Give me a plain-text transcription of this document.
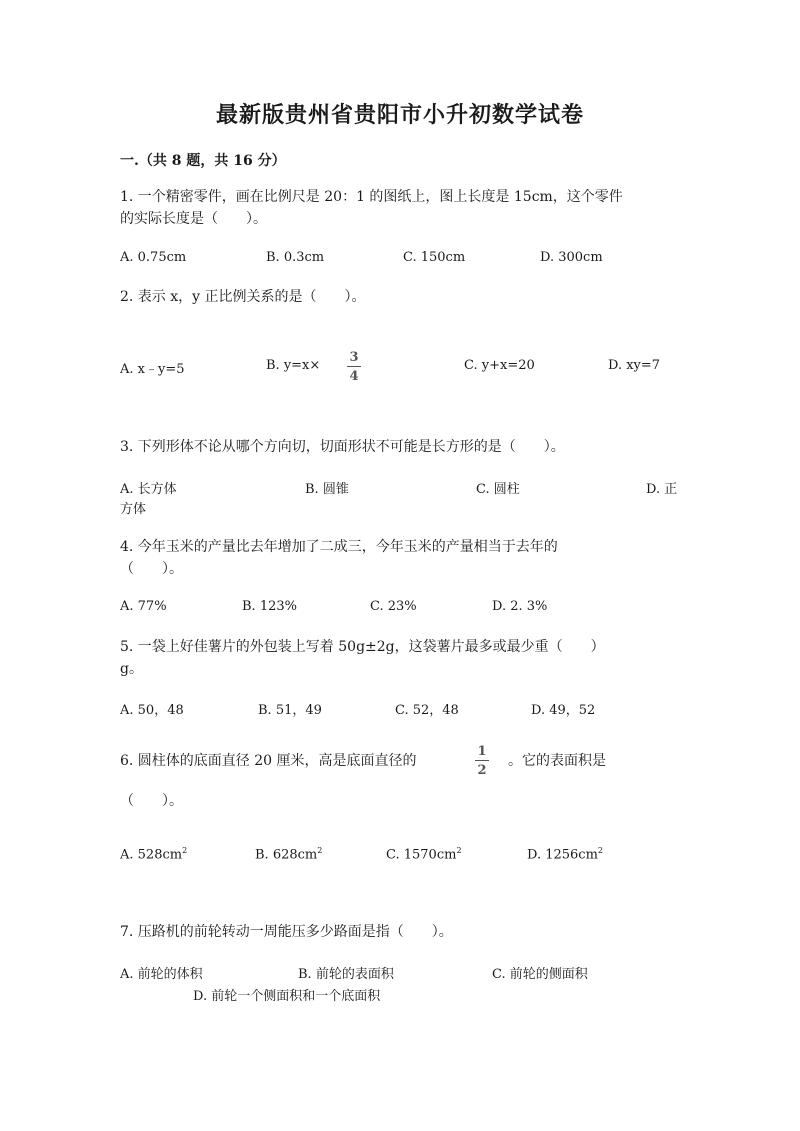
最新版贵州省贵阳市小升初数学试卷
一.（共 8 题，共 16 分）
1. 一个精密零件，画在比例尺是 20：1 的图纸上，图上长度是 15cm，这个零件
的实际长度是（　　）。
A. 0.75cm	B. 0.3cm	C. 150cm	D. 300cm
2. 表示 x，y 正比例关系的是（　　）。
A. x﹣y=5	B. y=x×
3
4
C. y+x=20	D. xy=7
3. 下列形体不论从哪个方向切，切面形状不可能是长方形的是（　　）。
A. 长方体	B. 圆锥	C. 圆柱	D. 正
方体
4. 今年玉米的产量比去年增加了二成三，今年玉米的产量相当于去年的
（　　）。
A. 77%	B. 123%	C. 23%	D. 2. 3%
5. 一袋上好佳薯片的外包装上写着 50g±2g，这袋薯片最多或最少重（　　）
g。
A. 50，48	B. 51，49	C. 52，48	D. 49，52
6. 圆柱体的底面直径 20 厘米，高是底面直径的
1
2
。它的表面积是
（　　）。
A. $528cm^2$	B. $628cm^2$	C. $1570cm^2$	D. $1256cm^2$
7. 压路机的前轮转动一周能压多少路面是指（　　）。
A. 前轮的体积	B. 前轮的表面积	C. 前轮的侧面积
D. 前轮一个侧面积和一个底面积
